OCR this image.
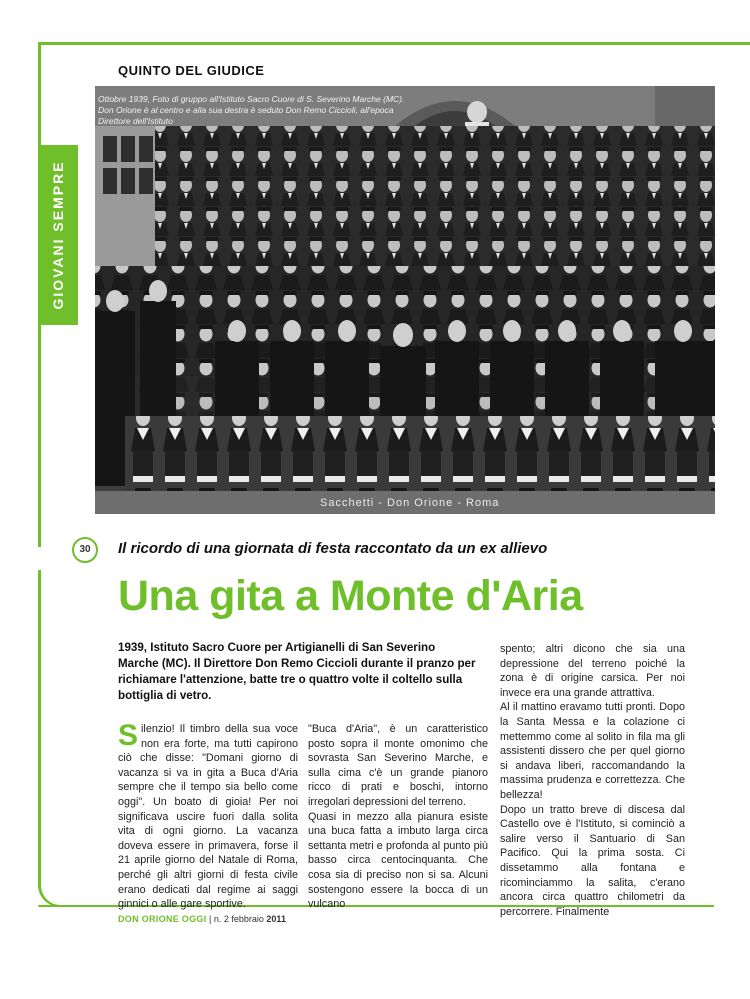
GIOVANI SEMPRE
QUINTO DEL GIUDICE
Ottobre 1939, Foto di gruppo all'Istituto Sacro Cuore di S. Severino Marche (MC). Don Orione è al centro e alla sua destra è seduto Don Remo Ciccioli, all'epoca Direttore dell'Istituto
Sacchetti - Don Orione - Roma
30	Il ricordo di una giornata di festa raccontato da un ex allievo
Una gita a Monte d'Aria
1939, Istituto Sacro Cuore per Artigianelli di San Severino Marche (MC). Il Direttore Don Remo Ciccioli durante il pranzo per richiamare l'attenzione, batte tre o quattro volte il coltello sulla bottiglia di vetro.
S ilenzio! Il timbro della sua voce non era forte, ma tutti capirono ciò che disse: "Domani giorno di vacanza si va in gita a Buca d'Aria sempre che il tempo sia bello come oggi". Un boato di gioia! Per noi significava uscire fuori dalla solita vita di ogni giorno. La vacanza doveva essere in primavera, forse il 21 aprile giorno del Natale di Roma, perché gli altri giorni di festa civile erano dedicati dal regime ai saggi ginnici o alle gare sportive.

"Buca d'Aria", è un caratteristico posto sopra il monte omonimo che sovrasta San Severino Marche, e sulla cima c'è un grande pianoro ricco di prati e boschi, intorno irregolari depressioni del terreno.

Quasi in mezzo alla pianura esiste una buca fatta a imbuto larga circa settanta metri e profonda al punto più basso circa centocinquanta. Che cosa sia di preciso non si sa. Alcuni sostengono essere la bocca di un vulcano

spento; altri dicono che sia una depressione del terreno poiché la zona è di origine carsica. Per noi invece era una grande attrattiva.

Al il mattino eravamo tutti pronti. Dopo la Santa Messa e la colazione ci mettemmo come al solito in fila ma gli assistenti dissero che per quel giorno si andava liberi, raccomandando la massima prudenza e correttezza. Che bellezza!

Dopo un tratto breve di discesa dal Castello ove è l'Istituto, si cominciò a salire verso il Santuario di San Pacifico. Qui la prima sosta. Ci dissetammo alla fontana e ricominciammo la salita, c'erano ancora circa quattro chilometri da percorrere. Finalmente

DON ORIONE OGGI | n. 2 febbraio 2011
